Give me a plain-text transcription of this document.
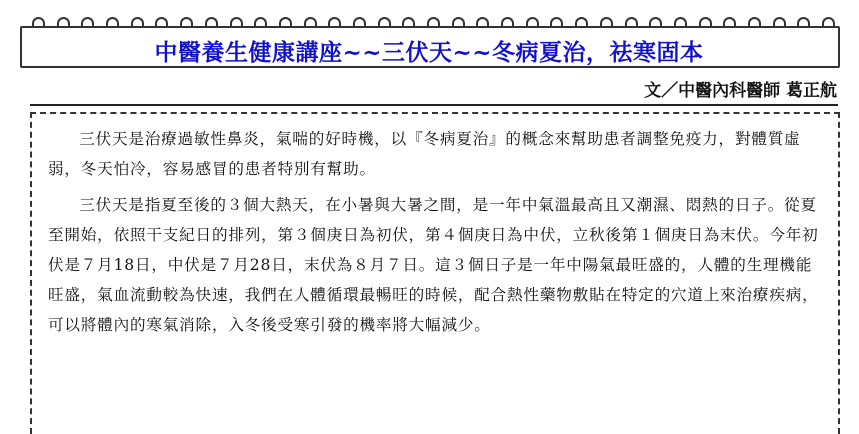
中醫養生健康講座~~三伏天~~冬病夏治，祛寒固本
文／中醫內科醫師 葛正航

三伏天是治療過敏性鼻炎，氣喘的好時機，以『冬病夏治』的概念來幫助患者調整免疫力，對體質虛弱，冬天怕冷，容易感冒的患者特別有幫助。

三伏天是指夏至後的３個大熱天，在小暑與大暑之間，是一年中氣溫最高且又潮濕、悶熱的日子。從夏至開始，依照干支紀日的排列，第３個庚日為初伏，第４個庚日為中伏，立秋後第１個庚日為末伏。今年初伏是７月18日，中伏是７月28日，末伏為８月７日。這３個日子是一年中陽氣最旺盛的，人體的生理機能旺盛，氣血流動較為快速，我們在人體循環最暢旺的時候，配合熱性藥物敷貼在特定的穴道上來治療疾病，可以將體內的寒氣消除，入冬後受寒引發的機率將大幅減少。
